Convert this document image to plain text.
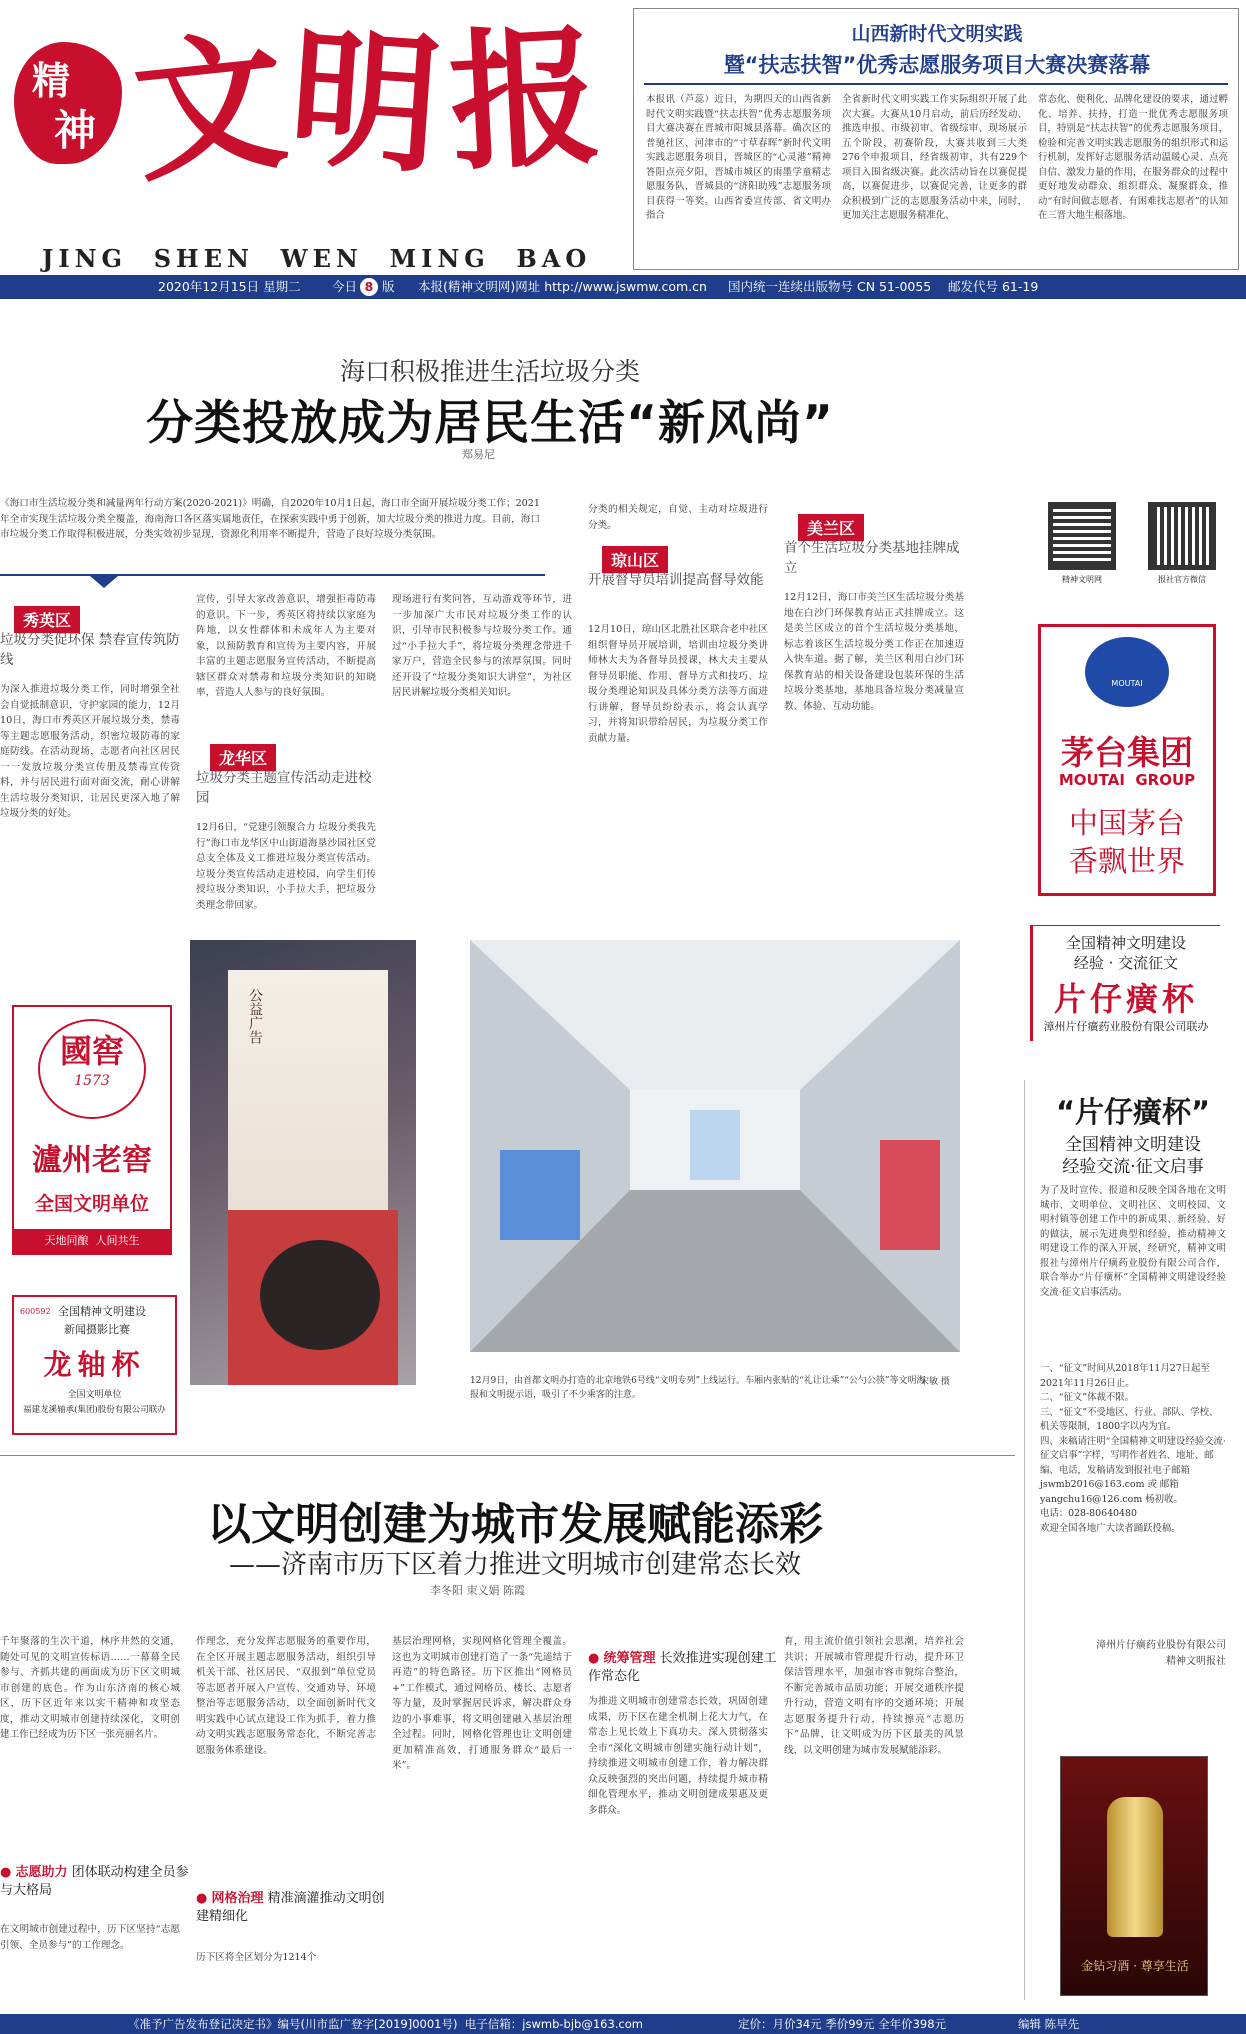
精
神 文
明 报
JING  SHEN  WEN  MING  BAO
2020年12月15日 星期二	今日 8 版 本报(精神文明网)网址 http://www.jswmw.com.cn 国内统一连续出版物号 CN 51-0055 邮发代号 61-19
山西新时代文明实践
暨“扶志扶智”优秀志愿服务项目大赛决赛落幕
本报讯（芦蕊）近日，为期四天的山西省新时代文明实践暨“扶志扶智”优秀志愿服务项目大赛决赛在晋城市阳城县落幕。确次区的普驰社区、河津市的“寸草春晖”新时代文明实践志愿服务项目，晋城区的“心灵港”精神答阳点亮夕阳，晋城市城区的雨墨学童精志愿服务队，晋城县的“济阳助残”志愿服务项目获得一等奖。山西省委宣传部、省文明办指合
全省新时代文明实践工作实际组织开展了此次大赛。大赛从10月启动，前后历经发动、推选申报、市级初审、省级综审、现场展示五个阶段，初赛阶段，大赛共收到三大类276个申报项目，经省级初审，共有229个项目入围省级决赛。此次活动旨在以赛促提高，以赛促进步，以赛促完善，让更多的群众积极到广泛的志愿服务活动中来，同时，更加关注志愿服务精准化、
常态化、便利化、品牌化建设的要求，通过孵化、培养、扶持，打造一批优秀志愿服务项目，特别是“扶志扶智”的优秀志愿服务项目，检验和完善文明实践志愿服务的组织形式和运行机制，发挥好志愿服务活动温暖心灵、点亮自信、激发力量的作用，在服务群众的过程中更好地发动群众、组织群众、凝聚群众，推动“有时间做志愿者、有困难找志愿者”的认知在三晋大地生根落地。
海口积极推进生活垃圾分类
分类投放成为居民生活“新风尚”
郑易尼
《海口市生活垃圾分类和减量两年行动方案(2020-2021)》明确，自2020年10月1日起，海口市全面开展垃圾分类工作；2021年全市实现生活垃圾分类全覆盖，海南海口各区落实属地责任，在探索实践中勇于创新，加大垃圾分类的推进力度。目前，海口市垃圾分类工作取得积极进展，分类实效初步显现，资源化利用率不断提升，营造了良好垃圾分类氛围。
秀英区
垃圾分类促环保 禁春宣传筑防线
为深入推进垃圾分类工作，同时增强全社会自觉抵制意识，守护家园的能力，12月10日，海口市秀英区开展垃圾分类，禁毒等主题志愿服务活动，织密垃圾防毒的家庭防线。在活动现场，志愿者向社区居民一一发放垃圾分类宣传册及禁毒宣传资料，并与居民进行面对面交流，耐心讲解生活垃圾分类知识，让居民更深入地了解垃圾分类的好处。
龙华区
垃圾分类主题宣传活动走进校园
12月6日，“党建引领聚合力 垃圾分类我先行”海口市龙华区中山街道海垦沙园社区党总支全体及义工推进垃圾分类宣传活动。垃圾分类宣传活动走进校园，向学生们传授垃圾分类知识，小手拉大手，把垃圾分类理念带回家。
宣传，引导大家改善意识，增强拒毒防毒的意识。下一步，秀英区将持续以家庭为阵地，以女性群体和未成年人为主要对象，以预防教育和宣传为主要内容，开展丰富的主题志愿服务宣传活动，不断提高辖区群众对禁毒和垃圾分类知识的知晓率，营造人人参与的良好氛围。
现场进行有奖问答，互动游戏等环节，进一步加深广大市民对垃圾分类工作的认识，引导市民积极参与垃圾分类工作。通过“小手拉大手”，将垃圾分类理念带进千家万户，营造全民参与的浓厚氛围。同时还开设了“垃圾分类知识大讲堂”，为社区居民讲解垃圾分类相关知识。
分类的相关规定，自觉、主动对垃圾进行分类。
琼山区
开展督导员培训提高督导效能
12月10日，琼山区北胜社区联合老中社区组织督导员开展培训，培训由垃圾分类讲师林大夫为各督导员授课，林大夫主要从督导员职能、作用、督导方式和技巧、垃圾分类理论知识及具体分类方法等方面进行讲解，督导员纷纷表示，将会认真学习，并将知识带给居民，为垃圾分类工作贡献力量。
美兰区
首个生活垃圾分类基地挂牌成立
12月12日，海口市美兰区生活垃圾分类基地在白沙门环保教育站正式挂牌成立。这是美兰区成立的首个生活垃圾分类基地，标志着该区生活垃圾分类工作正在加速迈入快车道。据了解，美兰区利用白沙门环保教育站的相关设备建设包装环保的生活垃圾分类基地，基地具备垃圾分类减量宣教、体验、互动功能。
公益广告
12月9日，由首都文明办打造的北京地铁6号线“文明专列”上线运行。车厢内张贴的“礼让让乘”“公勺公筷”等文明海报和文明提示语，吸引了不少乘客的注意。
宋敏 摄
精神文明网	报社官方微信
MOUTAI
茅台集团
MOUTAI  GROUP
中国茅台
香飘世界
全国精神文明建设
经验 · 交流征文
片仔癀杯
漳州片仔癀药业股份有限公司联办
“片仔癀杯”
全国精神文明建设
经验交流·征文启事
为了及时宣传、报道和反映全国各地在文明城市、文明单位、文明社区、文明校园、文明村镇等创建工作中的新成果、新经验、好的做法，展示先进典型和经验，推动精神文明建设工作的深入开展，经研究，精神文明报社与漳州片仔癀药业股份有限公司合作，联合举办“片仔癀杯”全国精神文明建设经验交流·征文启事活动。
一、“征文”时间从2018年11月27日起至2021年11月26日止。
二、“征文”体裁不限。
三、“征文”不受地区、行业、部队、学校、机关等限制，1800字以内为宜。
四、来稿请注明“全国精神文明建设经验交流·征文启事”字样，写明作者姓名、地址、邮编、电话，发稿请发到报社电子邮箱 jswmb2016@163.com 或 邮箱 yangchu16@126.com 杨初收。
电话：028-80640480
欢迎全国各地广大读者踊跃投稿。
漳州片仔癀药业股份有限公司
精神文明报社
金钻习酒 · 尊享生活
國窖
1573
瀘州老窖
全国文明单位
天地同酿  人间共生
600592 全国精神文明建设
新闻摄影比赛
龙轴杯
全国文明单位
福建龙溪轴承(集团)股份有限公司联办
以文明创建为城市发展赋能添彩
——济南市历下区着力推进文明城市创建常态长效
李冬阳 束义娟 陈霞
千年聚落的生次干道，林序井然的交通，随处可见的文明宣传标语……一幕幕全民参与、齐抓共建的画面成为历下区文明城市创建的底色。作为山东济南的核心城区，历下区近年来以实干精神和攻坚态度，推动文明城市创建持续深化，文明创建工作已经成为历下区一张亮丽名片。
● 志愿助力 团体联动构建全员参与大格局
在文明城市创建过程中，历下区坚持“志愿引领、全员参与”的工作理念。
作理念，充分发挥志愿服务的重要作用，在全区开展主题志愿服务活动，组织引导机关干部、社区居民、“双报到”单位党员等志愿者开展入户宣传、交通劝导、环境整治等志愿服务活动，以全面创新时代文明实践中心试点建设工作为抓手，着力推动文明实践志愿服务常态化，不断完善志愿服务体系建设。
● 网格治理 精准滴灌推动文明创建精细化
历下区将全区划分为1214个
基层治理网格，实现网格化管理全覆盖。这也为文明城市创建打造了一条“先遥结于再造”的特色路径。历下区推出“网格员+”工作模式，通过网格员、楼长、志愿者等力量，及时掌握居民诉求，解决群众身边的小事难事，将文明创建融入基层治理全过程。同时，网格化管理也让文明创建更加精准高效，打通服务群众“最后一米”。
● 统筹管理 长效推进实现创建工作常态化
为推进文明城市创建常态长效，巩固创建成果，历下区在建全机制上花大力气，在常态上见长效上下真功夫。深入贯彻落实全市“深化文明城市创建实施行动计划”，持续推进文明城市创建工作，着力解决群众反映强烈的突出问题，持续提升城市精细化管理水平，推动文明创建成果惠及更多群众。
育，用主流价值引领社会思潮，培养社会共识；开展城市管理提升行动，提升环卫保洁管理水平，加强市容市貌综合整治，不断完善城市品质功能；开展交通秩序提升行动，营造文明有序的交通环境；开展志愿服务提升行动，持续擦亮“志愿历下”品牌，让文明成为历下区最美的风景线，以文明创建为城市发展赋能添彩。
《准予广告发布登记决定书》编号(川市监广登字[2019]0001号)  电子信箱：jswmb-bjb@163.com	定价：月价34元 季价99元 全年价398元	编辑 陈早先
